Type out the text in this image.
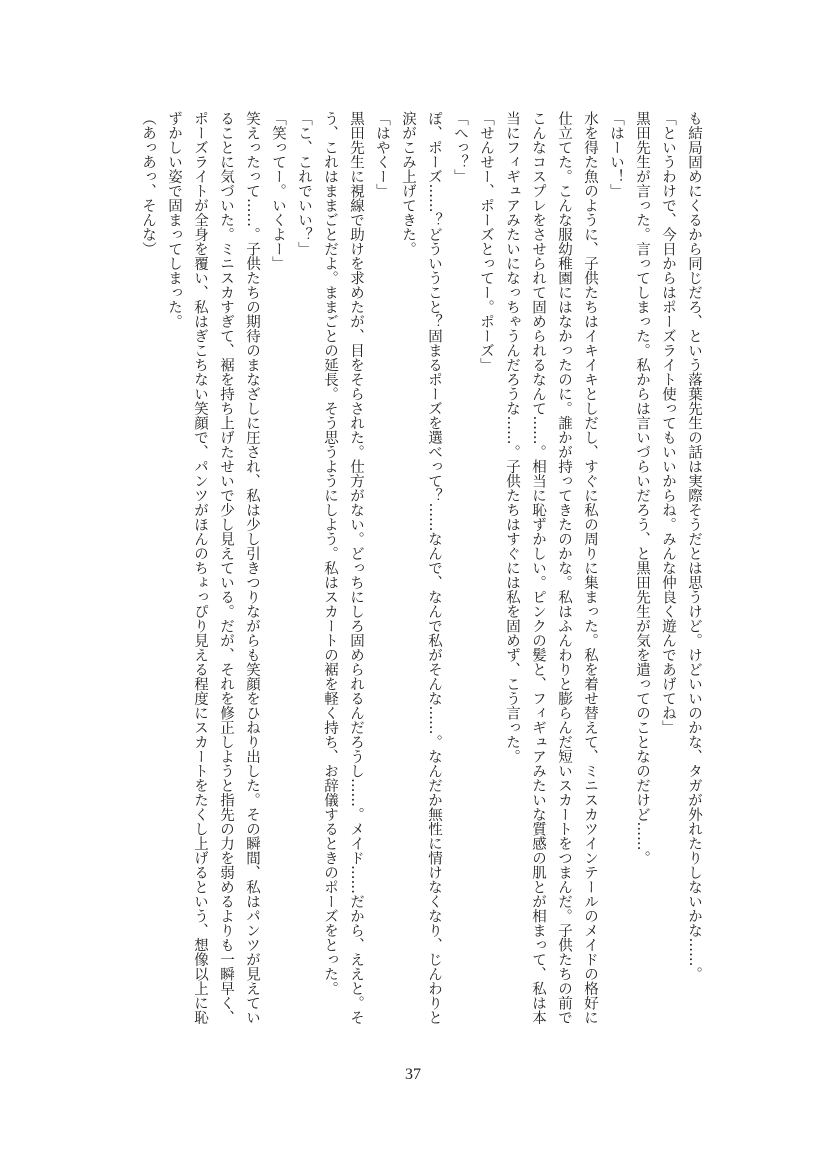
も結局固めにくるから同じだろ、という落葉先生の話は実際そうだとは思うけど。けどいいのかな、タガが外れたりしないかな……。

「というわけで、今日からはポーズライト使ってもいいからね。みんな仲良く遊んであげてね」

黒田先生が言った。言ってしまった。私からは言いづらいだろう、と黒田先生が気を遣ってのことなのだけど……。

「はーい！」

水を得た魚のように、子供たちはイキイキとしだし、すぐに私の周りに集まった。私を着せ替えて、ミニスカツインテールのメイドの格好に

仕立てた。こんな服幼稚園にはなかったのに。誰かが持ってきたのかな。私はふんわりと膨らんだ短いスカートをつまんだ。子供たちの前で

こんなコスプレをさせられて固められるなんて……。相当に恥ずかしい。ピンクの髪と、フィギュアみたいな質感の肌とが相まって、私は本

当にフィギュアみたいになっちゃうんだろうな……。子供たちはすぐには私を固めず、こう言った。

「せんせー、ポーズとってー。ポーズ」

「へっ？」

ぽ、ポーズ……？どういうこと？固まるポーズを選べって？……なんで、なんで私がそんな……。なんだか無性に情けなくなり、じんわりと

涙がこみ上げてきた。

「はやくー」

黒田先生に視線で助けを求めたが、目をそらされた。仕方がない。どっちにしろ固められるんだろうし……。メイド……だから、ええと。そ

う、これはままごとだよ。ままごとの延長。そう思うようにしよう。私はスカートの裾を軽く持ち、お辞儀するときのポーズをとった。

「こ、これでいい？」

「笑ってー。いくよー」

笑えったって……。子供たちの期待のまなざしに圧され、私は少し引きつりながらも笑顔をひねり出した。その瞬間、私はパンツが見えてい

ることに気づいた。ミニスカすぎて、裾を持ち上げたせいで少し見えている。だが、それを修正しようと指先の力を弱めるよりも一瞬早く、

ポーズライトが全身を覆い、私はぎこちない笑顔で、パンツがほんのちょっぴり見える程度にスカートをたくし上げるという、想像以上に恥

ずかしい姿で固まってしまった。

（あっあっ、そんな）

37
